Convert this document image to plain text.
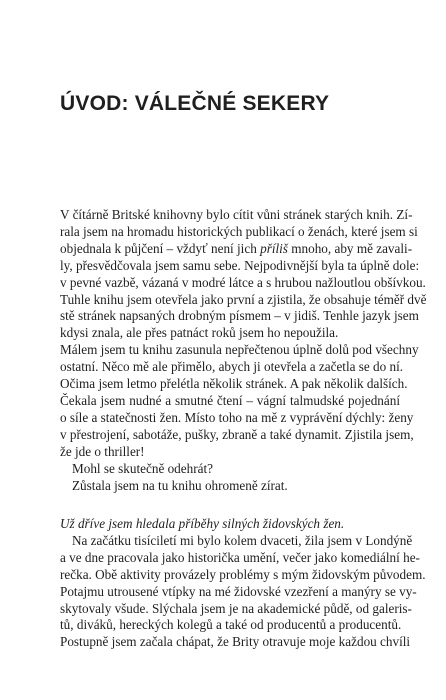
ÚVOD: VÁLEČNÉ SEKERY
V čítárně Britské knihovny bylo cítit vůni stránek starých knih. Zí-
rala jsem na hromadu historických publikací o ženách, které jsem si
objednala k půjčení – vždyť není jich příliš mnoho, aby mě zavali-
ly, přesvědčovala jsem samu sebe. Nejpodivnější byla ta úplně dole:
v pevné vazbě, vázaná v modré látce a s hrubou nažloutlou obšívkou.
Tuhle knihu jsem otevřela jako první a zjistila, že obsahuje téměř dvě
stě stránek napsaných drobným písmem – v jidiš. Tenhle jazyk jsem
kdysi znala, ale přes patnáct roků jsem ho nepoužila.
Málem jsem tu knihu zasunula nepřečtenou úplně dolů pod všechny
ostatní. Něco mě ale přimělo, abych ji otevřela a začetla se do ní.
Očima jsem letmo přelétla několik stránek. A pak několik dalších.
Čekala jsem nudné a smutné čtení – vágní talmudské pojednání
o síle a statečnosti žen. Místo toho na mě z vyprávění dýchly: ženy
v přestrojení, sabotáže, pušky, zbraně a také dynamit. Zjistila jsem,
že jde o thriller!
Mohl se skutečně odehrát?
Zůstala jsem na tu knihu ohromeně zírat.
Už dříve jsem hledala příběhy silných židovských žen.
Na začátku tisíciletí mi bylo kolem dvaceti, žila jsem v Londýně
a ve dne pracovala jako historička umění, večer jako komediální he-
rečka. Obě aktivity provázely problémy s mým židovským původem.
Potajmu utrousené vtípky na mé židovské vzezření a manýry se vy-
skytovaly všude. Slýchala jsem je na akademické půdě, od galeris-
tů, diváků, hereckých kolegů a také od producentů a producentů.
Postupně jsem začala chápat, že Brity otravuje moje každou chvíli
